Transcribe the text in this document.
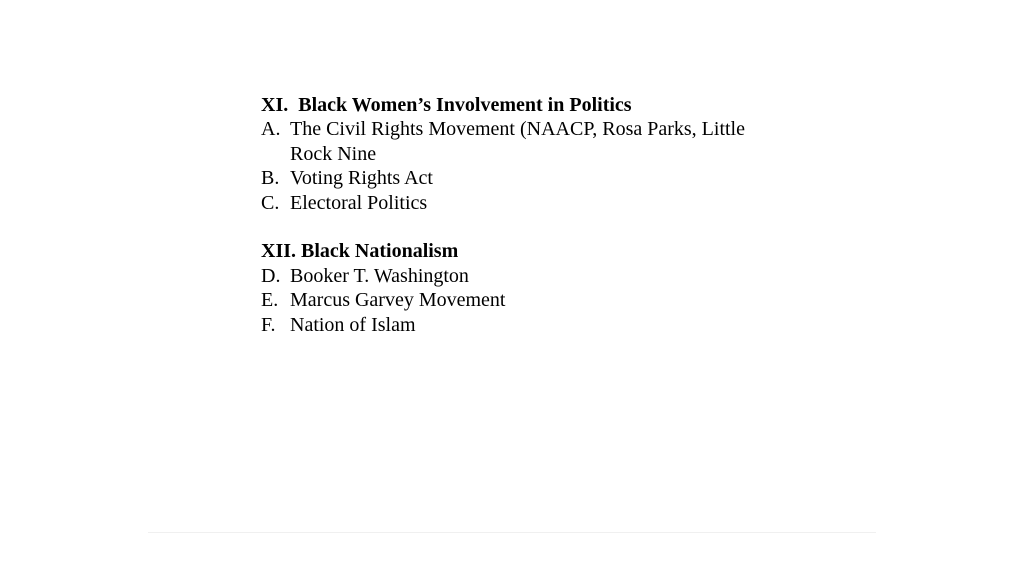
XI.  Black Women’s Involvement in Politics

A. The Civil Rights Movement (NAACP, Rosa Parks, Little Rock Nine
B. Voting Rights Act
C. Electoral Politics

XII. Black Nationalism

D. Booker T. Washington
E. Marcus Garvey Movement
F. Nation of Islam
